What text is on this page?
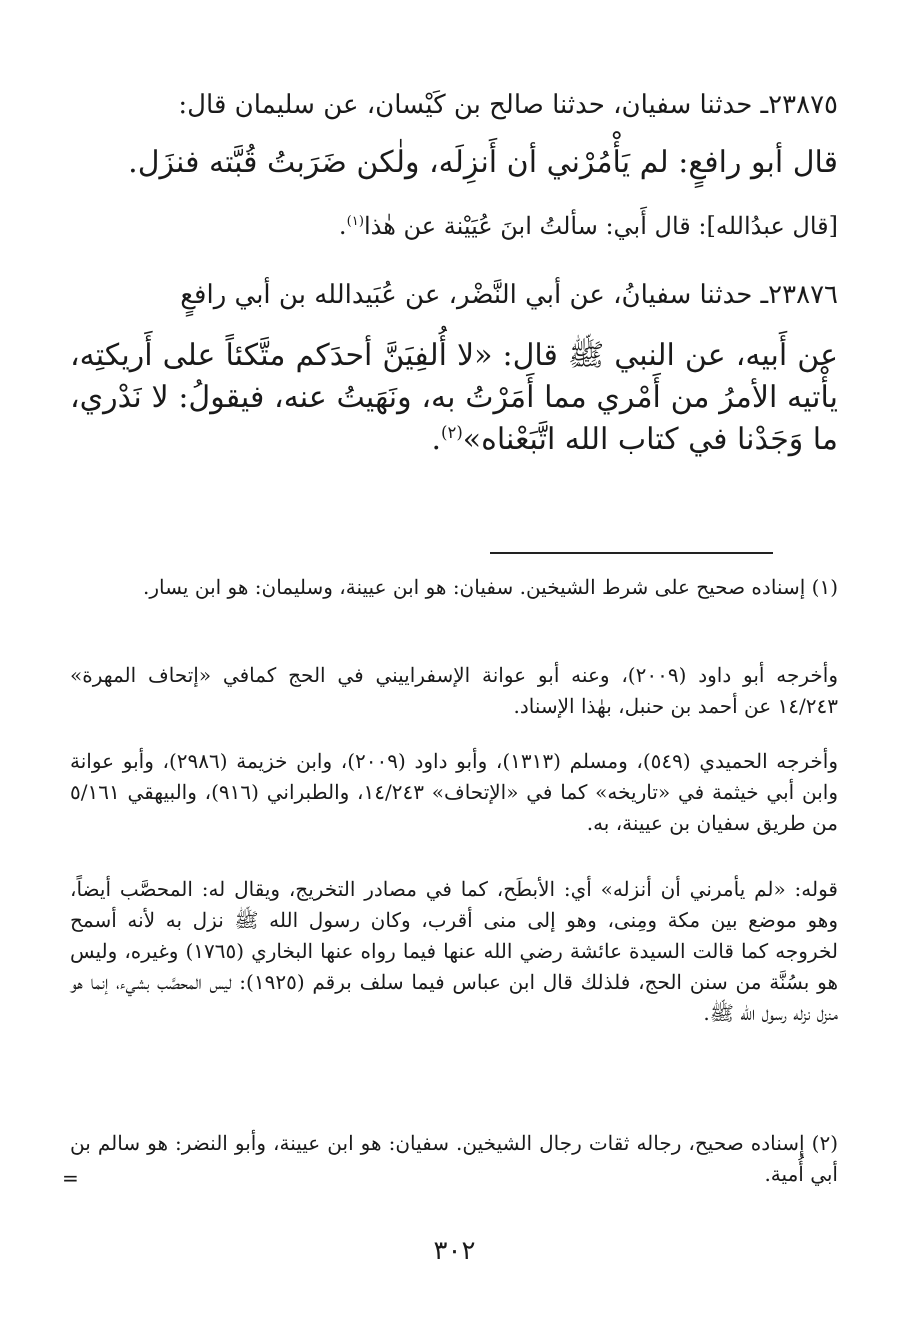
٢٣٨٧٥ـ حدثنا سفيان، حدثنا صالح بن كَيْسان، عن سليمان قال:
قال أبو رافعٍ: لم يَأْمُرْني أن أَنزِلَه، ولٰكن ضَرَبتُ قُبَّته فنزَل.
[قال عبدُالله]: قال أَبي: سألتُ ابنَ عُيَيْنة عن هٰذا$^{(١)}$.
٢٣٨٧٦ـ حدثنا سفيانُ، عن أبي النَّضْر، عن عُبَيدالله بن أبي رافعٍ
عن أَبيه، عن النبي ﷺ قال: «لا أُلفِيَنَّ أحدَكم متَّكئاً على أَريكتِه، يأْتيه الأمرُ من أَمْري مما أَمَرْتُ به، ونَهَيتُ عنه، فيقولُ: لا نَدْري، ما وَجَدْنا في كتاب الله اتَّبَعْناه»$^{(٢)}$.
(١) إسناده صحيح على شرط الشيخين. سفيان: هو ابن عيينة، وسليمان: هو ابن يسار.
وأخرجه أبو داود (٢٠٠٩)، وعنه أبو عوانة الإسفراييني في الحج كمافي «إتحاف المهرة» ١٤/٢٤٣ عن أحمد بن حنبل، بهٰذا الإسناد.
وأخرجه الحميدي (٥٤٩)، ومسلم (١٣١٣)، وأبو داود (٢٠٠٩)، وابن خزيمة (٢٩٨٦)، وأبو عوانة وابن أبي خيثمة في «تاريخه» كما في «الإتحاف» ١٤/٢٤٣، والطبراني (٩١٦)، والبيهقي ٥/١٦١ من طريق سفيان بن عيينة، به.
قوله: «لم يأمرني أن أنزله» أي: الأبطَح، كما في مصادر التخريج، ويقال له: المحصَّب أيضاً، وهو موضع بين مكة ومِنى، وهو إلى منى أقرب، وكان رسول الله ﷺ نزل به لأنه أسمح لخروجه كما قالت السيدة عائشة رضي الله عنها فيما رواه عنها البخاري (١٧٦٥) وغيره، وليس هو بسُنَّة من سنن الحج، فلذلك قال ابن عباس فيما سلف برقم (١٩٢٥): ليس المحصَّب بشيء، إنما هو منزل نزله رسول الله ﷺ.
(٢) إسناده صحيح، رجاله ثقات رجال الشيخين. سفيان: هو ابن عيينة، وأبو النضر: هو سالم بن أبي أُمية.
=
٣٠٢
